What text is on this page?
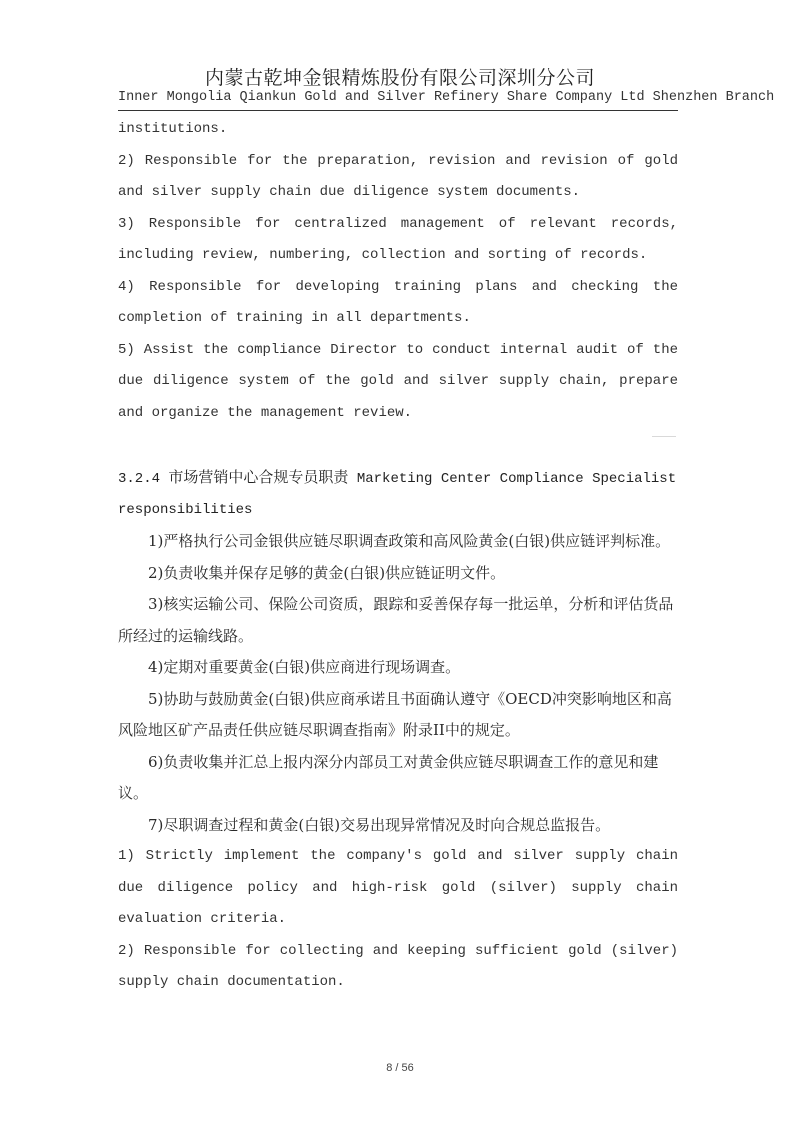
内蒙古乾坤金银精炼股份有限公司深圳分公司
Inner Mongolia Qiankun Gold and Silver Refinery Share Company Ltd Shenzhen Branch

institutions.

2) Responsible for the preparation, revision and revision of gold and silver supply chain due diligence system documents.

3) Responsible for centralized management of relevant records, including review, numbering, collection and sorting of records.

4) Responsible for developing training plans and checking the completion of training in all departments.

5) Assist the compliance Director to conduct internal audit of the due diligence system of the gold and silver supply chain, prepare and organize the management review.

3.2.4 市场营销中心合规专员职责 Marketing Center Compliance Specialist responsibilities

1)严格执行公司金银供应链尽职调查政策和高风险黄金(白银)供应链评判标准。

2)负责收集并保存足够的黄金(白银)供应链证明文件。

3)核实运输公司、保险公司资质，跟踪和妥善保存每一批运单，分析和评估货品所经过的运输线路。

4)定期对重要黄金(白银)供应商进行现场调查。

5)协助与鼓励黄金(白银)供应商承诺且书面确认遵守《OECD冲突影响地区和高风险地区矿产品责任供应链尽职调查指南》附录II中的规定。

6)负责收集并汇总上报内深分内部员工对黄金供应链尽职调查工作的意见和建议。

7)尽职调查过程和黄金(白银)交易出现异常情况及时向合规总监报告。

1) Strictly implement the company's gold and silver supply chain due diligence policy and high-risk gold (silver) supply chain evaluation criteria.

2) Responsible for collecting and keeping sufficient gold (silver) supply chain documentation.

8 / 56
